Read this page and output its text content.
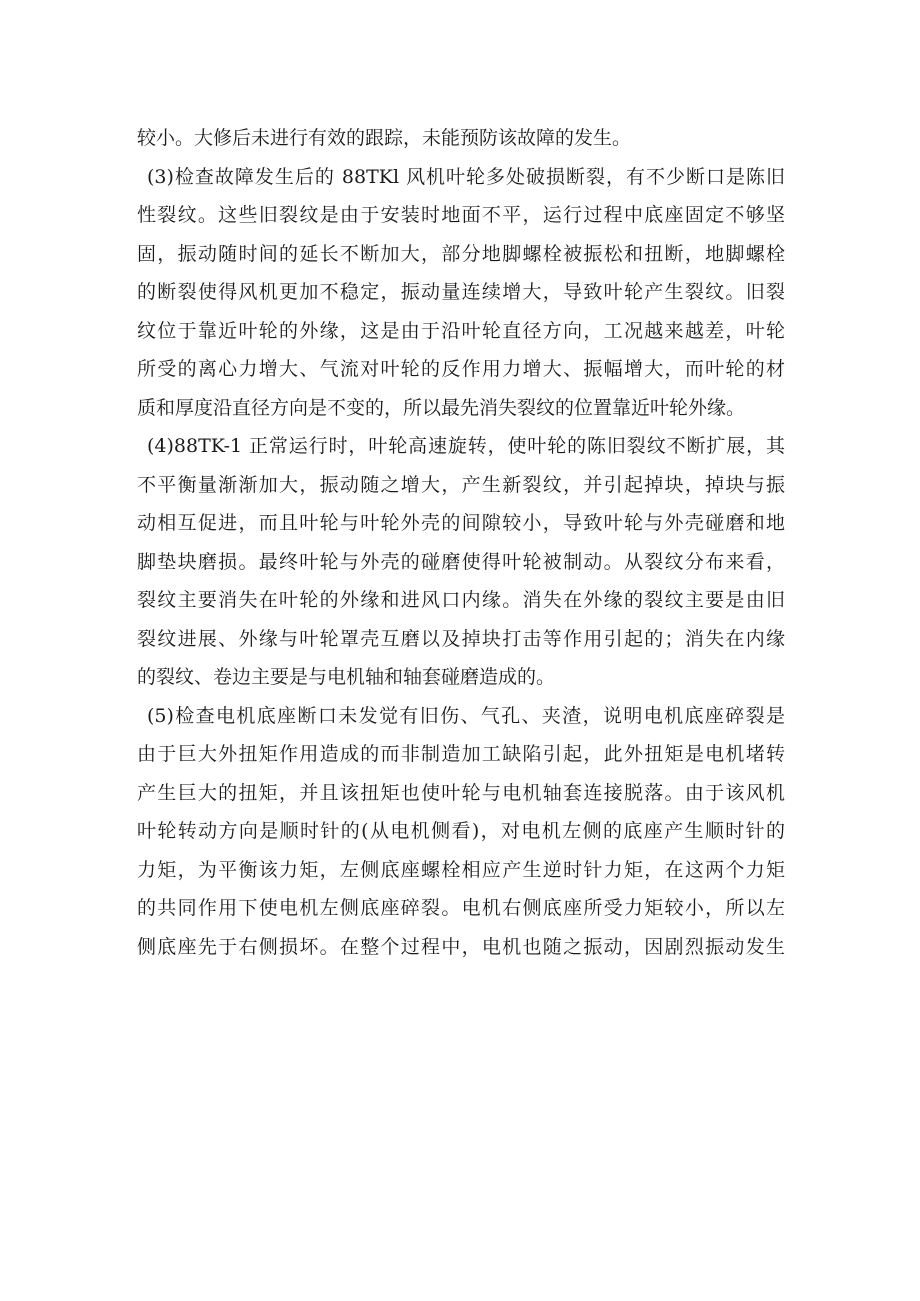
较小。大修后未进行有效的跟踪，未能预防该故障的发生。
(3)检查故障发生后的 88TKl 风机叶轮多处破损断裂，有不少断口是陈旧
性裂纹。这些旧裂纹是由于安装时地面不平，运行过程中底座固定不够坚
固，振动随时间的延长不断加大，部分地脚螺栓被振松和扭断，地脚螺栓
的断裂使得风机更加不稳定，振动量连续增大，导致叶轮产生裂纹。旧裂
纹位于靠近叶轮的外缘，这是由于沿叶轮直径方向，工况越来越差，叶轮
所受的离心力增大、气流对叶轮的反作用力增大、振幅增大，而叶轮的材
质和厚度沿直径方向是不变的，所以最先消失裂纹的位置靠近叶轮外缘。
(4)88TK-1 正常运行时，叶轮高速旋转，使叶轮的陈旧裂纹不断扩展，其
不平衡量渐渐加大，振动随之增大，产生新裂纹，并引起掉块，掉块与振
动相互促进，而且叶轮与叶轮外壳的间隙较小，导致叶轮与外壳碰磨和地
脚垫块磨损。最终叶轮与外壳的碰磨使得叶轮被制动。从裂纹分布来看，
裂纹主要消失在叶轮的外缘和进风口内缘。消失在外缘的裂纹主要是由旧
裂纹进展、外缘与叶轮罩壳互磨以及掉块打击等作用引起的；消失在内缘
的裂纹、卷边主要是与电机轴和轴套碰磨造成的。
(5)检查电机底座断口未发觉有旧伤、气孔、夹渣，说明电机底座碎裂是
由于巨大外扭矩作用造成的而非制造加工缺陷引起，此外扭矩是电机堵转
产生巨大的扭矩，并且该扭矩也使叶轮与电机轴套连接脱落。由于该风机
叶轮转动方向是顺时针的(从电机侧看)，对电机左侧的底座产生顺时针的
力矩，为平衡该力矩，左侧底座螺栓相应产生逆时针力矩，在这两个力矩
的共同作用下使电机左侧底座碎裂。电机右侧底座所受力矩较小，所以左
侧底座先于右侧损坏。在整个过程中，电机也随之振动，因剧烈振动发生
